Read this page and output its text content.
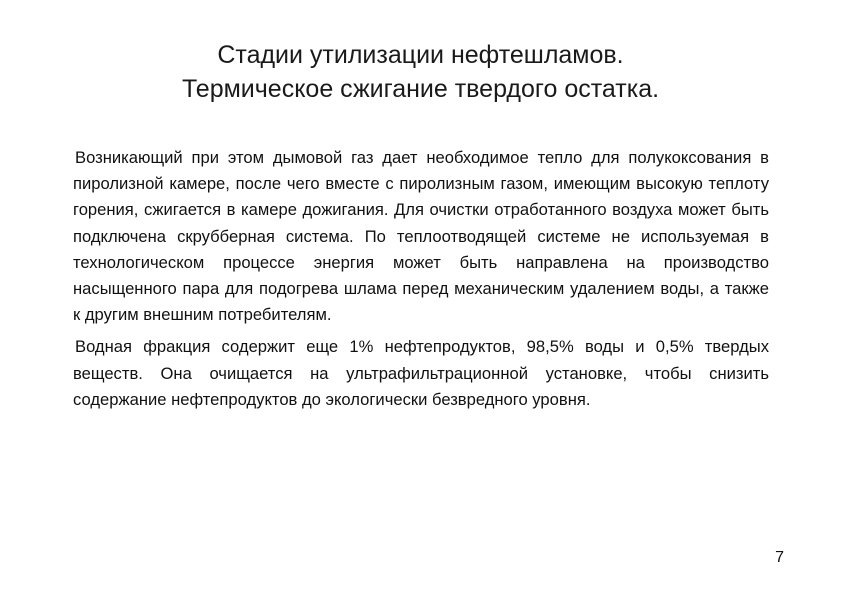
Стадии утилизации нефтешламов.
Термическое сжигание твердого остатка.

Возникающий при этом дымовой газ дает необходимое тепло для полукоксования в пиролизной камере, после чего вместе с пиролизным газом, имеющим высокую теплоту горения, сжигается в камере дожигания. Для очистки отработанного воздуха может быть подключена скрубберная система. По теплоотводящей системе не используемая в технологическом процессе энергия может быть направлена на производство насыщенного пара для подогрева шлама перед механическим удалением воды, а также к другим внешним потребителям.

Водная фракция содержит еще 1% нефтепродуктов, 98,5% воды и 0,5% твердых веществ. Она очищается на ультрафильтрационной установке, чтобы снизить содержание нефтепродуктов до экологически безвредного уровня.

7
